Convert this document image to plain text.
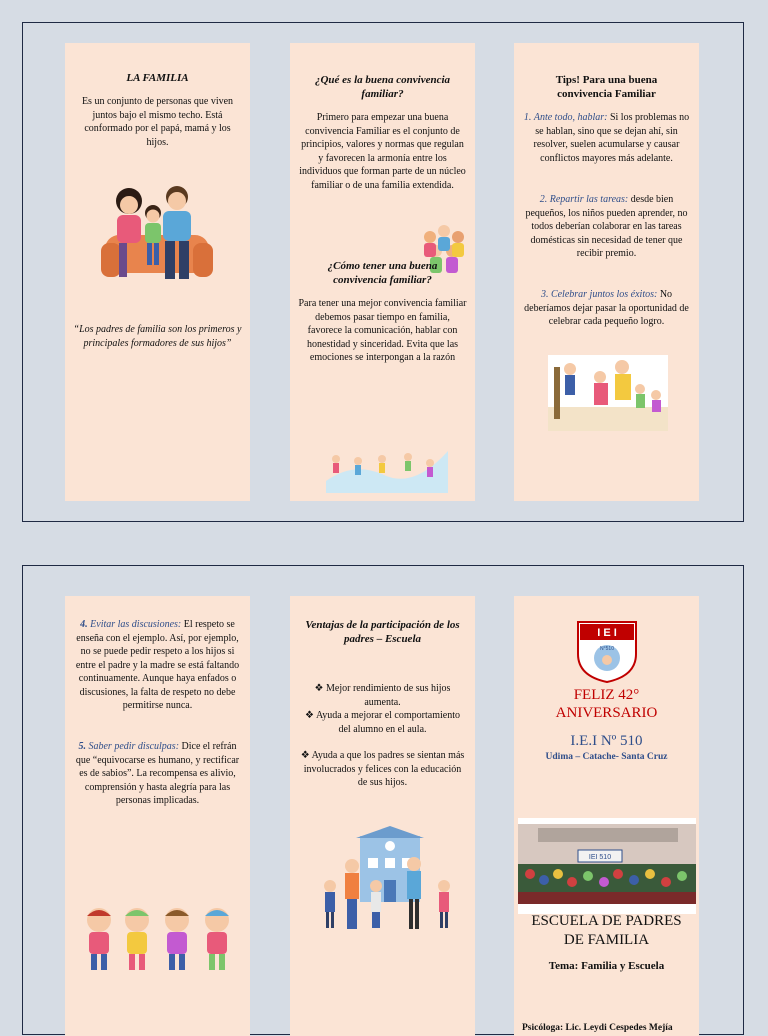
LA FAMILIA

Es un conjunto de personas que viven juntos bajo el mismo techo. Está conformado por el papá, mamá y los hijos.

“Los padres de familia son los primeros y principales formadores de sus hijos”

¿Qué es la buena convivencia familiar?

Primero para empezar una buena convivencia Familiar es el conjunto de principios, valores y normas que regulan y favorecen la armonía entre los individuos que forman parte de un núcleo familiar o de una familia extendida.

¿Cómo tener una buena convivencia familiar?

Para tener una mejor convivencia familiar debemos pasar tiempo en familia, favorece la comunicación, hablar con honestidad y sinceridad. Evita que las emociones se interpongan a la razón

Tips! Para una buena convivencia Familiar

1. Ante todo, hablar: Si los problemas no se hablan, sino que se dejan ahí, sin resolver, suelen acumularse y causar conflictos mayores más adelante.

2. Repartir las tareas: desde bien pequeños, los niños pueden aprender, no todos deberían colaborar en las tareas domésticas sin necesidad de tener que recibir premio.

3. Celebrar juntos los éxitos: No deberíamos dejar pasar la oportunidad de celebrar cada pequeño logro.

4. Evitar las discusiones: El respeto se enseña con el ejemplo. Así, por ejemplo, no se puede pedir respeto a los hijos si entre el padre y la madre se está faltando continuamente. Aunque haya enfados o discusiones, la falta de respeto no debe permitirse nunca.

5. Saber pedir disculpas: Dice el refrán que “equivocarse es humano, y rectificar es de sabios”. La recompensa es alivio, comprensión y hasta alegría para las personas implicadas.

Ventajas de la participación de los padres – Escuela

❖ Mejor rendimiento de sus hijos aumenta.

❖ Ayuda a mejorar el comportamiento del alumno en el aula.

❖ Ayuda a que los padres se sientan más involucrados y felices con la educación de sus hijos.

I E I
N°510
FELIZ 42° ANIVERSARIO
I.E.I Nº 510
Udima – Catache- Santa Cruz
IEI 510
ESCUELA DE PADRES DE FAMILIA
Tema: Familia y Escuela
Psicóloga: Lic. Leydi Cespedes Mejía
